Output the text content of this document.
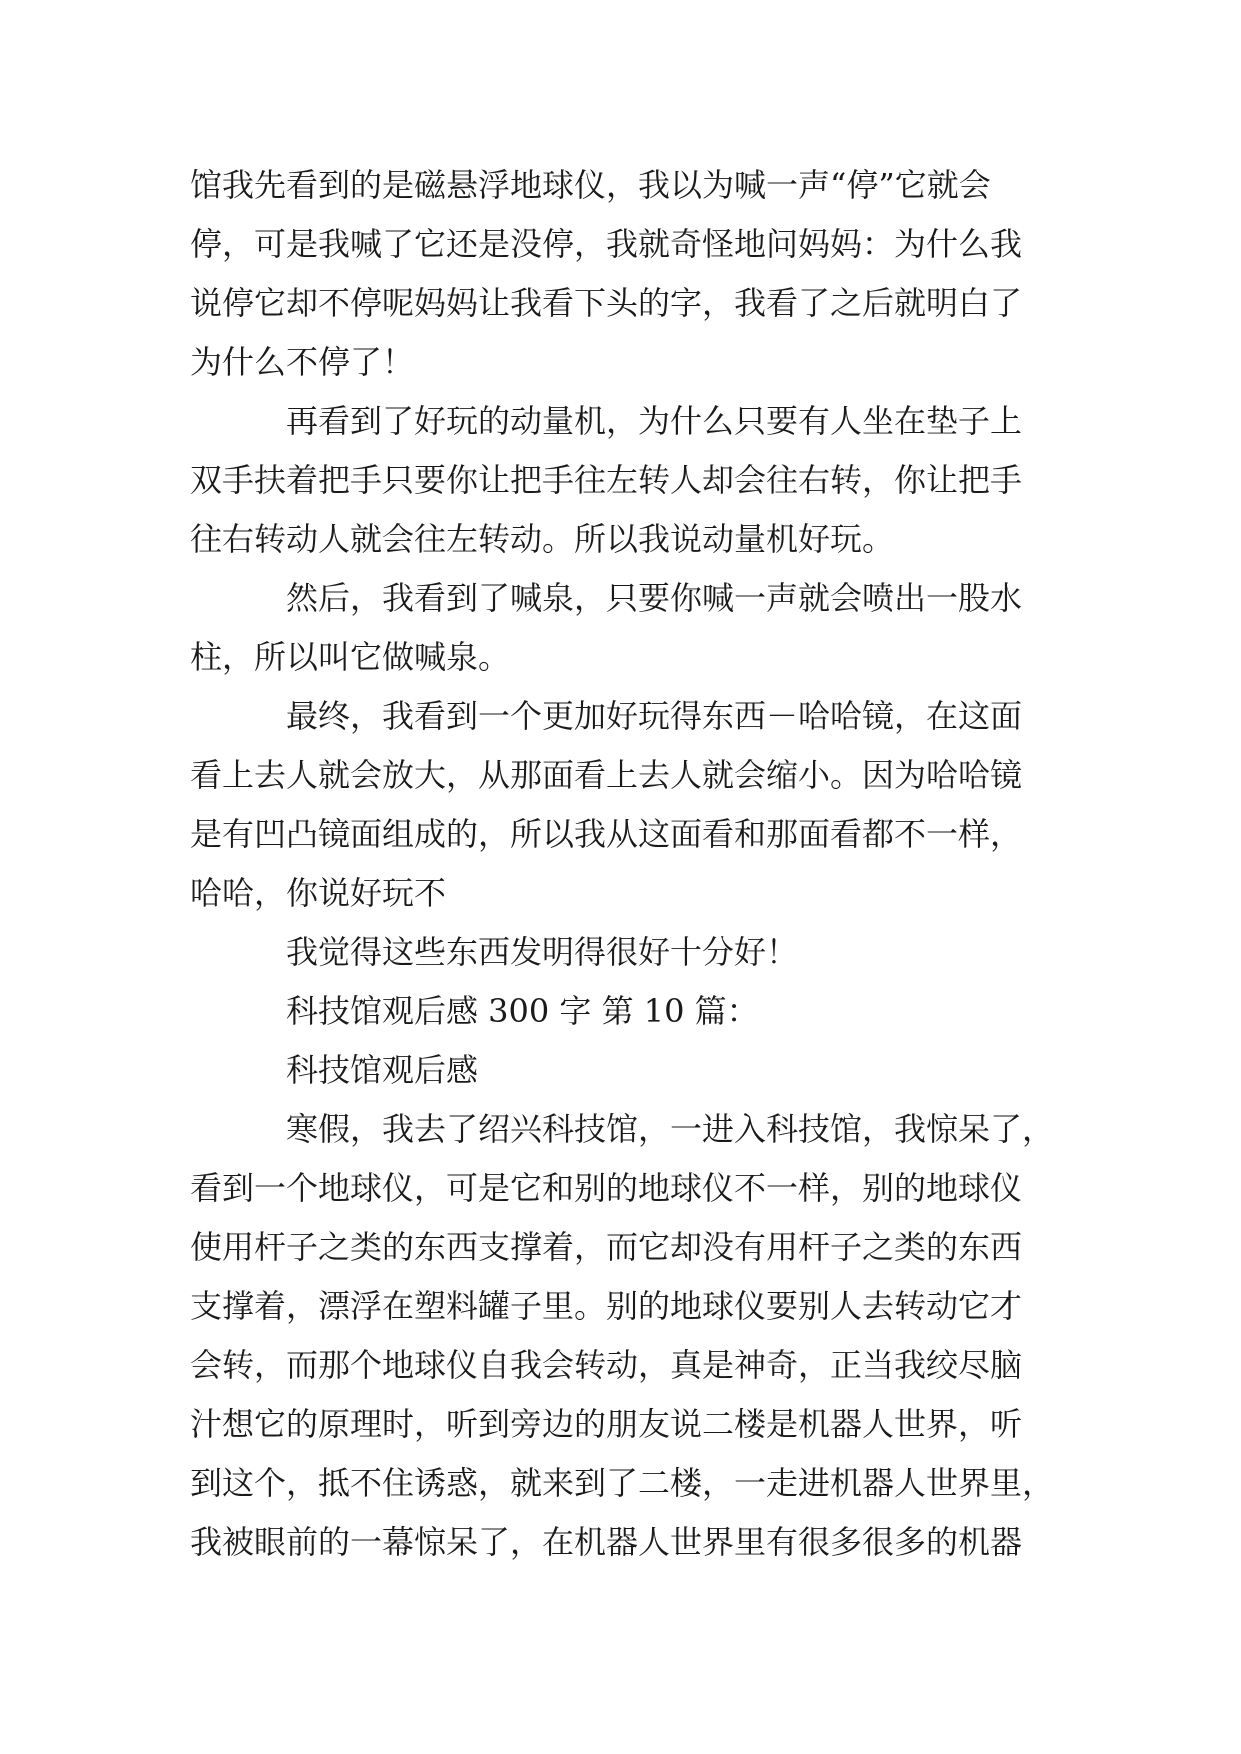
馆我先看到的是磁悬浮地球仪，我以为喊一声“停”它就会
停，可是我喊了它还是没停，我就奇怪地问妈妈：为什么我
说停它却不停呢妈妈让我看下头的字，我看了之后就明白了
为什么不停了！
再看到了好玩的动量机，为什么只要有人坐在垫子上
双手扶着把手只要你让把手往左转人却会往右转，你让把手
往右转动人就会往左转动。所以我说动量机好玩。
然后，我看到了喊泉，只要你喊一声就会喷出一股水
柱，所以叫它做喊泉。
最终，我看到一个更加好玩得东西－哈哈镜，在这面
看上去人就会放大，从那面看上去人就会缩小。因为哈哈镜
是有凹凸镜面组成的，所以我从这面看和那面看都不一样，
哈哈，你说好玩不
我觉得这些东西发明得很好十分好！
科技馆观后感 300 字 第 10 篇：
科技馆观后感
寒假，我去了绍兴科技馆，一进入科技馆，我惊呆了，
看到一个地球仪，可是它和别的地球仪不一样，别的地球仪
使用杆子之类的东西支撑着，而它却没有用杆子之类的东西
支撑着，漂浮在塑料罐子里。别的地球仪要别人去转动它才
会转，而那个地球仪自我会转动，真是神奇，正当我绞尽脑
汁想它的原理时，听到旁边的朋友说二楼是机器人世界，听
到这个，抵不住诱惑，就来到了二楼，一走进机器人世界里，
我被眼前的一幕惊呆了，在机器人世界里有很多很多的机器
